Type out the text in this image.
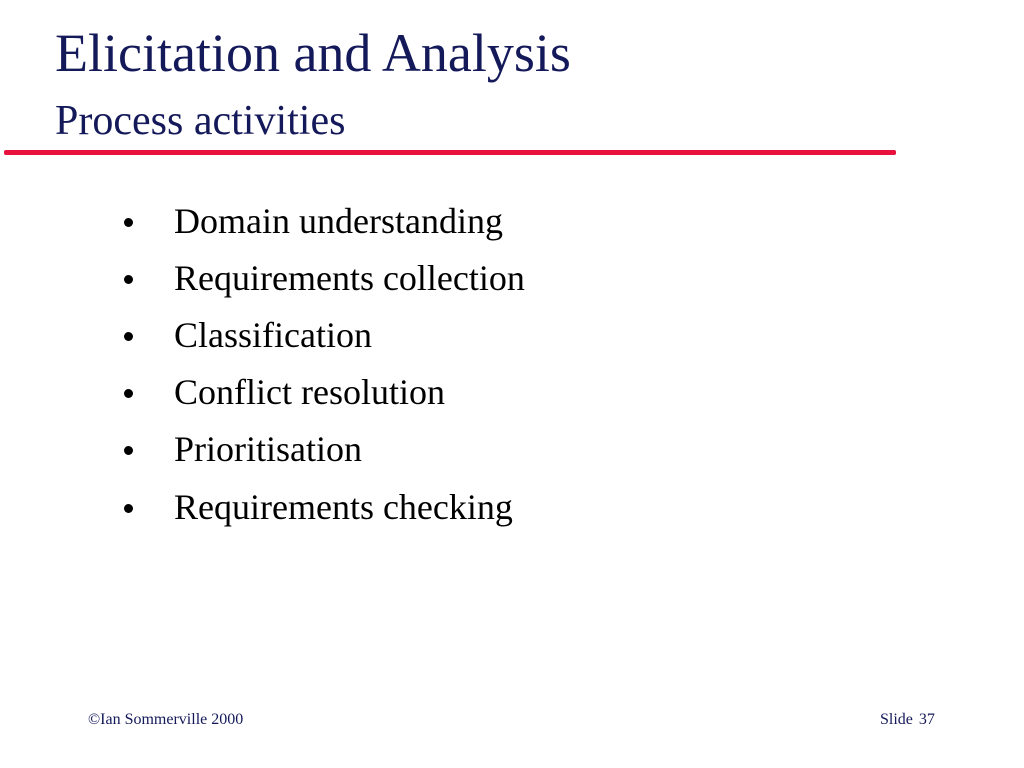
Elicitation and Analysis
Process activities
Domain understanding
Requirements collection
Classification
Conflict resolution
Prioritisation
Requirements checking
©Ian Sommerville 2000	Slide 37
